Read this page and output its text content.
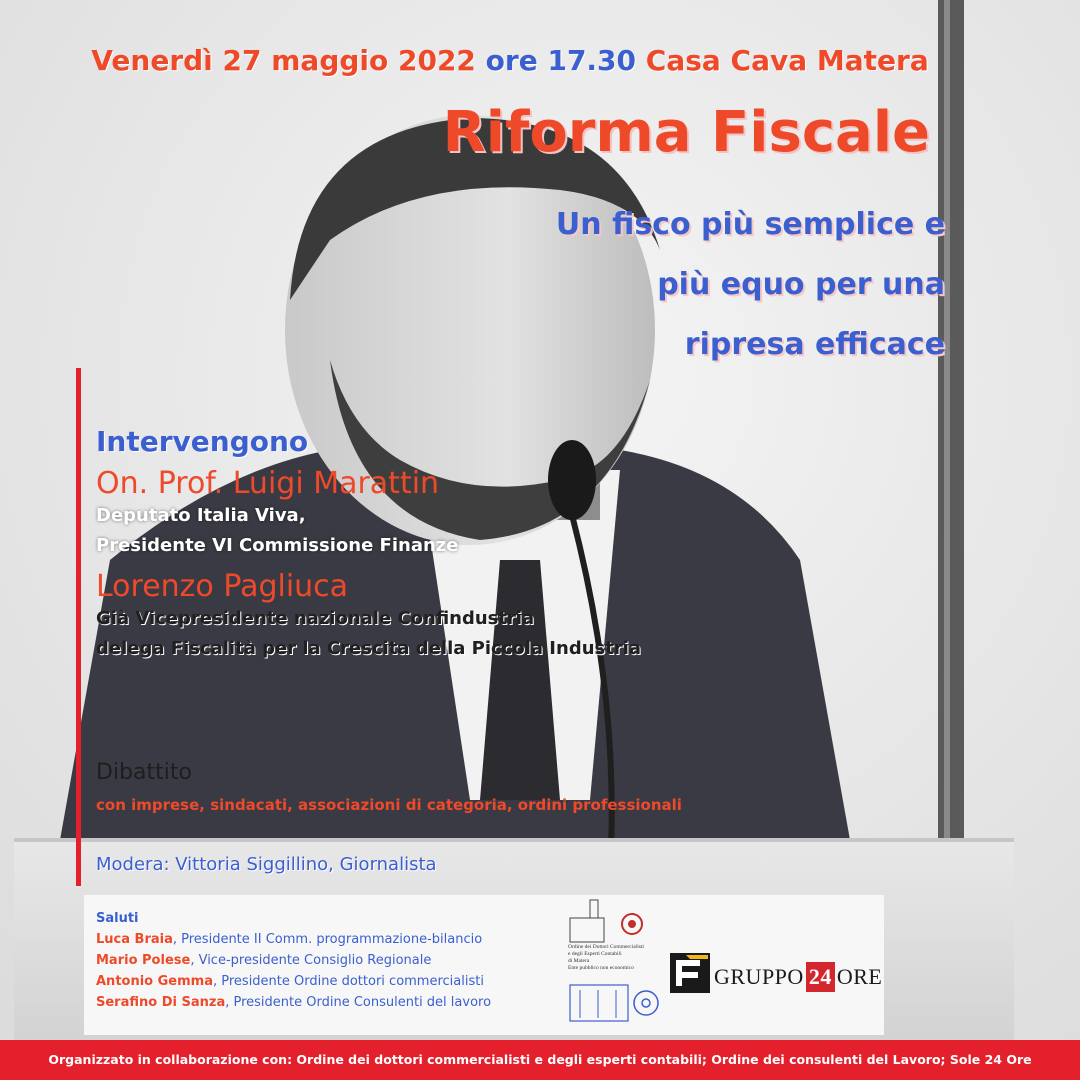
Venerdì 27 maggio 2022 ore 17.30 Casa Cava Matera
Riforma Fiscale
Un fisco più semplice e
più equo per una
ripresa efficace
Intervengono
On. Prof. Luigi Marattin
Deputato Italia Viva,
Presidente VI Commissione Finanze
Lorenzo Pagliuca
Già Vicepresidente nazionale Confindustria
delega Fiscalità per la Crescita della Piccola Industria
Dibattito
con imprese, sindacati, associazioni di categoria, ordini professionali
Modera: Vittoria Siggillino, Giornalista
Saluti
Luca Braia, Presidente II Comm. programmazione-bilancio
Mario Polese, Vice-presidente Consiglio Regionale
Antonio Gemma, Presidente Ordine dottori commercialisti
Serafino Di Sanza, Presidente Ordine Consulenti del lavoro
Ordine dei Dottori Commercialisti
e degli Esperti Contabili
di Matera
Ente pubblico non economico	GRUPPO 24 ORE
Organizzato in collaborazione con: Ordine dei dottori commercialisti e degli esperti contabili; Ordine dei consulenti del Lavoro; Sole 24 Ore
